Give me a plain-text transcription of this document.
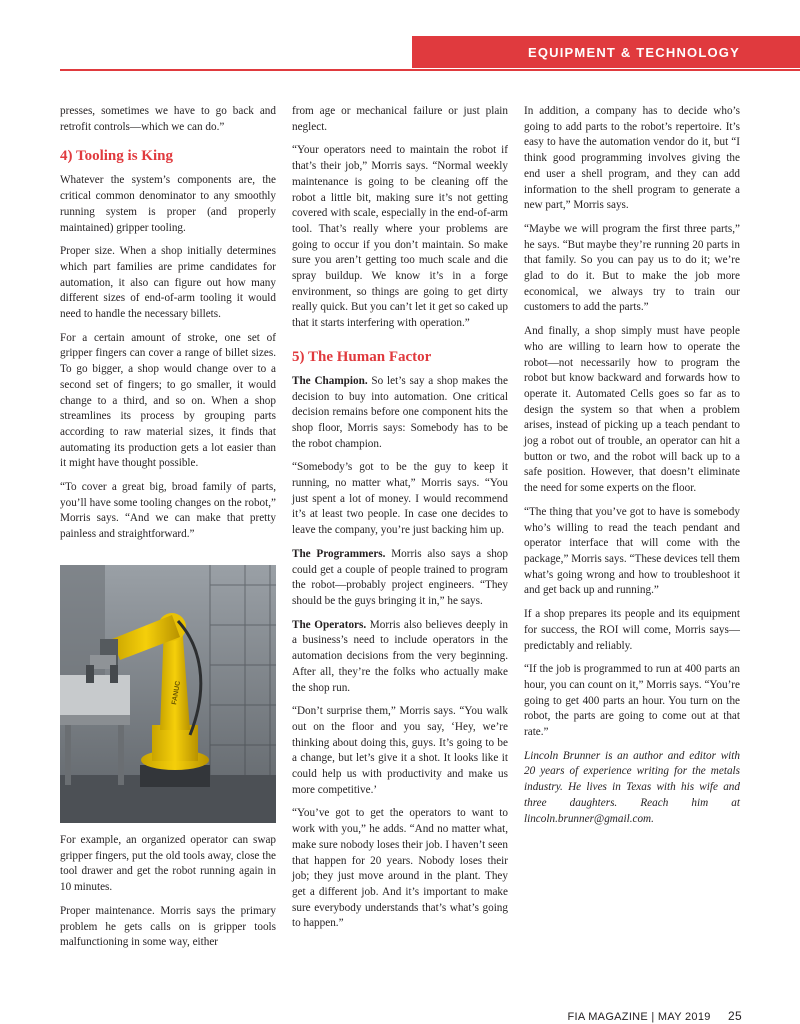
EQUIPMENT & TECHNOLOGY

presses, sometimes we have to go back and retrofit controls—which we can do.”

4) Tooling is King

Whatever the system’s components are, the critical common denominator to any smoothly running system is proper (and properly maintained) gripper tooling.

Proper size. When a shop initially determines which part families are prime candidates for automation, it also can figure out how many different sizes of end-of-arm tooling it would need to handle the necessary billets.

For a certain amount of stroke, one set of gripper fingers can cover a range of billet sizes. To go bigger, a shop would change over to a second set of fingers; to go smaller, it would change to a third, and so on. When a shop streamlines its process by grouping parts according to raw material sizes, it finds that automating its production gets a lot easier than it might have thought possible.

“To cover a great big, broad family of parts, you’ll have some tooling changes on the robot,” Morris says. “And we can make that pretty painless and straightforward.”

FANUC

For example, an organized operator can swap gripper fingers, put the old tools away, close the tool drawer and get the robot running again in 10 minutes.

Proper maintenance. Morris says the primary problem he gets calls on is gripper tools malfunctioning in some way, either

from age or mechanical failure or just plain neglect.

“Your operators need to maintain the robot if that’s their job,” Morris says. “Normal weekly maintenance is going to be cleaning off the robot a little bit, making sure it’s not getting covered with scale, especially in the end-of-arm tool. That’s really where your problems are going to occur if you don’t maintain. So make sure you aren’t getting too much scale and die spray buildup. We know it’s in a forge environment, so things are going to get dirty really quick. But you can’t let it get so caked up that it starts interfering with operation.”

5) The Human Factor

The Champion. So let’s say a shop makes the decision to buy into automation. One critical decision remains before one component hits the shop floor, Morris says: Somebody has to be the robot champion.

“Somebody’s got to be the guy to keep it running, no matter what,” Morris says. “You just spent a lot of money. I would recommend it’s at least two people. In case one decides to leave the company, you’re just backing him up.

The Programmers. Morris also says a shop could get a couple of people trained to program the robot—probably project engineers. “They should be the guys bringing it in,” he says.

The Operators. Morris also believes deeply in a business’s need to include operators in the automation decisions from the very beginning. After all, they’re the folks who actually make the shop run.

“Don’t surprise them,” Morris says. “You walk out on the floor and you say, ‘Hey, we’re thinking about doing this, guys. It’s going to be a change, but let’s give it a shot. It looks like it could help us with productivity and make us more competitive.’

“You’ve got to get the operators to want to work with you,” he adds. “And no matter what, make sure nobody loses their job. I haven’t seen that happen for 20 years. Nobody loses their job; they just move around in the plant. They get a different job. And it’s important to make sure everybody understands that’s what’s going to happen.”

In addition, a company has to decide who’s going to add parts to the robot’s repertoire. It’s easy to have the automation vendor do it, but “I think good programming involves giving the end user a shell program, and they can add information to the shell program to generate a new part,” Morris says.

“Maybe we will program the first three parts,” he says. “But maybe they’re running 20 parts in that family. So you can pay us to do it; we’re glad to do it. But to make the job more economical, we always try to train our customers to add the parts.”

And finally, a shop simply must have people who are willing to learn how to operate the robot—not necessarily how to program the robot but know backward and forwards how to operate it. Automated Cells goes so far as to design the system so that when a problem arises, instead of picking up a teach pendant to jog a robot out of trouble, an operator can hit a button or two, and the robot will back up to a safe position. However, that doesn’t eliminate the need for some experts on the floor.

“The thing that you’ve got to have is somebody who’s willing to read the teach pendant and operator interface that will come with the package,” Morris says. “These devices tell them what’s going wrong and how to troubleshoot it and get back up and running.”

If a shop prepares its people and its equipment for success, the ROI will come, Morris says—predictably and reliably.

“If the job is programmed to run at 400 parts an hour, you can count on it,” Morris says. “You’re going to get 400 parts an hour. You turn on the robot, the parts are going to come out at that rate.”

Lincoln Brunner is an author and editor with 20 years of experience writing for the metals industry. He lives in Texas with his wife and three daughters. Reach him at lincoln.brunner@gmail.com.

FIA MAGAZINE | MAY 2019 25
